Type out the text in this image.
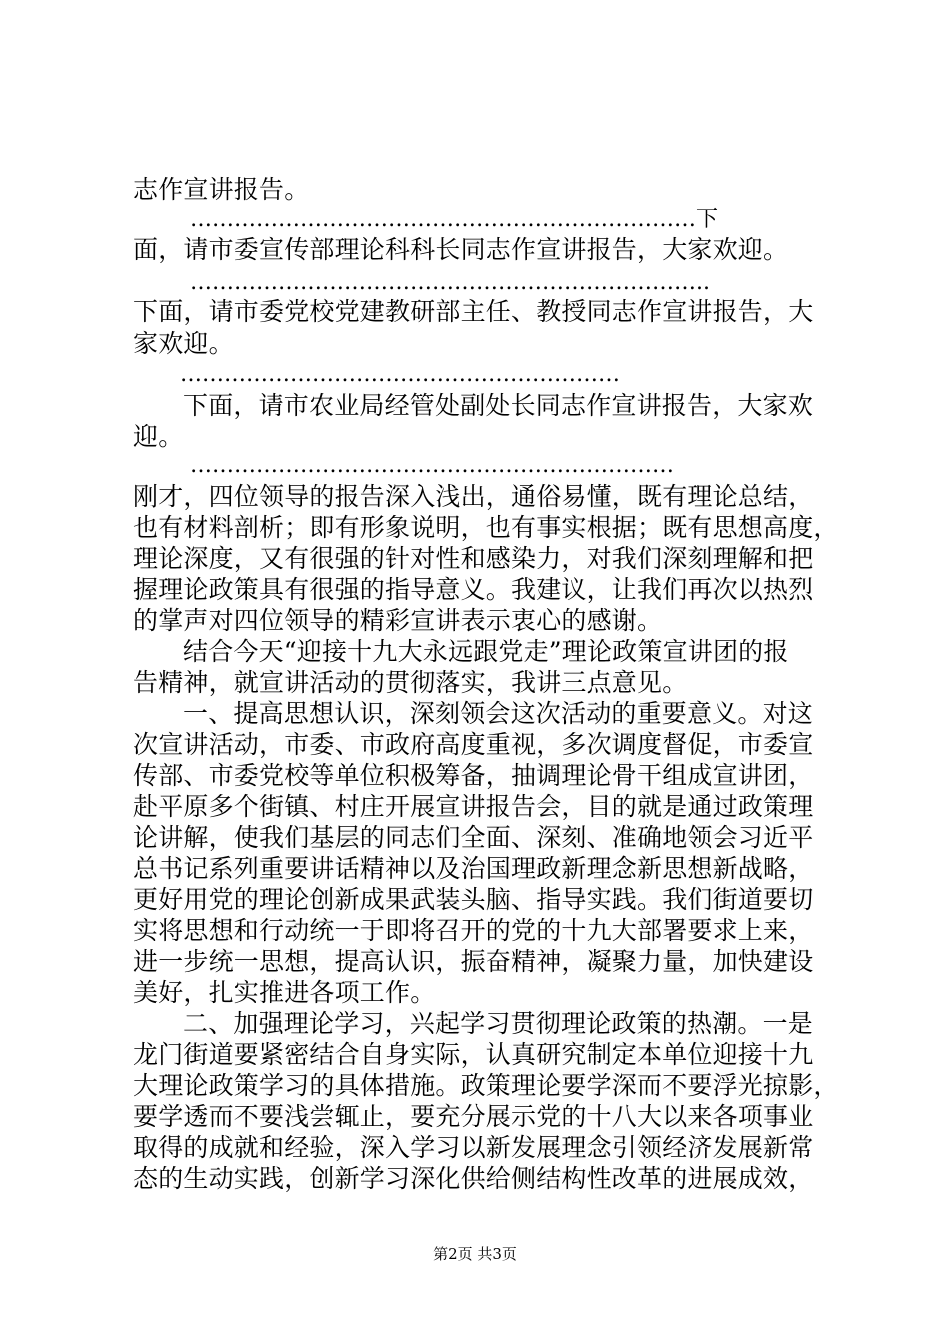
志作宣讲报告。
……………………………………………………………下
面，请市委宣传部理论科科长同志作宣讲报告，大家欢迎。
……………………………………………………………..
下面，请市委党校党建教研部主任、教授同志作宣讲报告，大
家欢迎。
……………………………………………………
下面，请市农业局经管处副处长同志作宣讲报告，大家欢
迎。
…………………………………………………………
刚才，四位领导的报告深入浅出，通俗易懂，既有理论总结，
也有材料剖析；即有形象说明，也有事实根据；既有思想高度，
理论深度，又有很强的针对性和感染力，对我们深刻理解和把
握理论政策具有很强的指导意义。我建议，让我们再次以热烈
的掌声对四位领导的精彩宣讲表示衷心的感谢。
结合今天“迎接十九大永远跟党走”理论政策宣讲团的报
告精神，就宣讲活动的贯彻落实，我讲三点意见。
一、提高思想认识，深刻领会这次活动的重要意义。对这
次宣讲活动，市委、市政府高度重视，多次调度督促，市委宣
传部、市委党校等单位积极筹备，抽调理论骨干组成宣讲团，
赴平原多个街镇、村庄开展宣讲报告会，目的就是通过政策理
论讲解，使我们基层的同志们全面、深刻、准确地领会习近平
总书记系列重要讲话精神以及治国理政新理念新思想新战略，
更好用党的理论创新成果武装头脑、指导实践。我们街道要切
实将思想和行动统一于即将召开的党的十九大部署要求上来，
进一步统一思想，提高认识，振奋精神，凝聚力量，加快建设
美好，扎实推进各项工作。
二、加强理论学习，兴起学习贯彻理论政策的热潮。一是
龙门街道要紧密结合自身实际，认真研究制定本单位迎接十九
大理论政策学习的具体措施。政策理论要学深而不要浮光掠影，
要学透而不要浅尝辄止，要充分展示党的十八大以来各项事业
取得的成就和经验，深入学习以新发展理念引领经济发展新常
态的生动实践，创新学习深化供给侧结构性改革的进展成效，
第2页 共3页
